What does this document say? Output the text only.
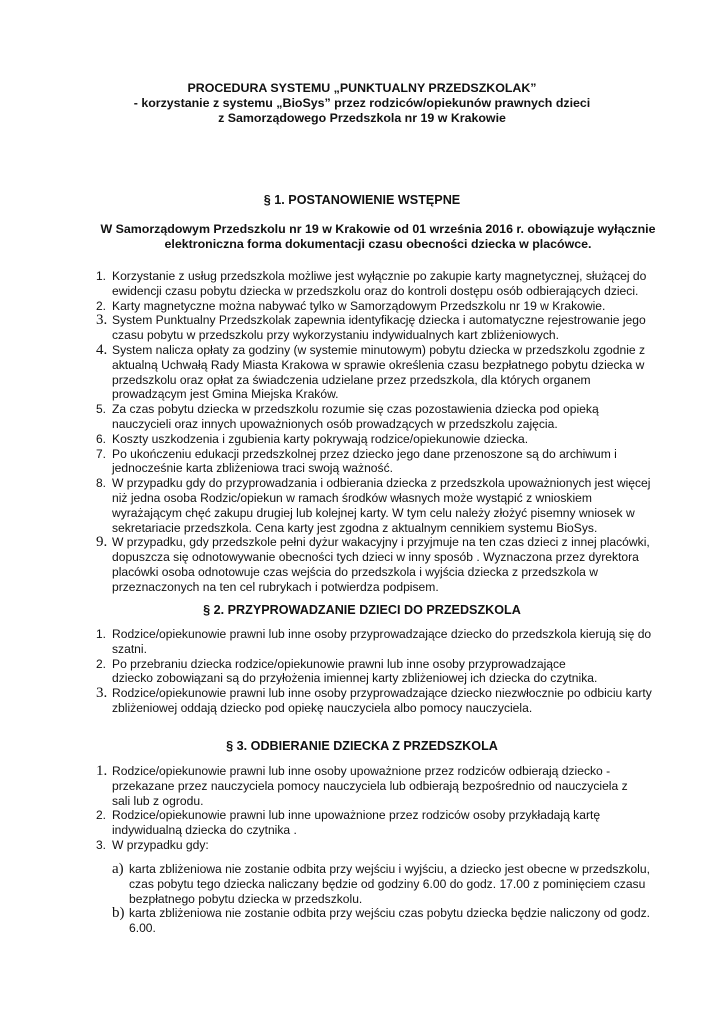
PROCEDURA SYSTEMU „PUNKTUALNY PRZEDSZKOLAK”
- korzystanie z systemu „BioSys” przez rodziców/opiekunów prawnych dzieci
z Samorządowego Przedszkola nr 19 w Krakowie
§ 1. POSTANOWIENIE WSTĘPNE
W Samorządowym Przedszkolu nr 19 w Krakowie od 01 września 2016 r. obowiązuje wyłącznie
elektroniczna forma dokumentacji czasu obecności dziecka w placówce.
1. Korzystanie z usług przedszkola możliwe jest wyłącznie po zakupie karty magnetycznej, służącej do
ewidencji czasu pobytu dziecka w przedszkolu oraz do kontroli dostępu osób odbierających dzieci.
2. Karty magnetyczne można nabywać tylko w Samorządowym Przedszkolu nr 19 w Krakowie.
3. System Punktualny Przedszkolak zapewnia identyfikację dziecka i automatyczne rejestrowanie jego
czasu pobytu w przedszkolu przy wykorzystaniu indywidualnych kart zbliżeniowych.
4. System nalicza opłaty za godziny (w systemie minutowym) pobytu dziecka w przedszkolu zgodnie z
aktualną Uchwałą Rady Miasta Krakowa w sprawie określenia czasu bezpłatnego pobytu dziecka w
przedszkolu oraz opłat za świadczenia udzielane przez przedszkola, dla których organem
prowadzącym jest Gmina Miejska Kraków.
5. Za czas pobytu dziecka w przedszkolu rozumie się czas pozostawienia dziecka pod opieką
nauczycieli oraz innych upoważnionych osób prowadzących w przedszkolu zajęcia.
6. Koszty uszkodzenia i zgubienia karty pokrywają rodzice/opiekunowie dziecka.
7. Po ukończeniu edukacji przedszkolnej przez dziecko jego dane przenoszone są do archiwum i
jednocześnie karta zbliżeniowa traci swoją ważność.
8. W przypadku gdy do przyprowadzania i odbierania dziecka z przedszkola upoważnionych jest więcej
niż jedna osoba Rodzic/opiekun w ramach środków własnych może wystąpić z wnioskiem
wyrażającym chęć zakupu drugiej lub kolejnej karty. W tym celu należy złożyć pisemny wniosek w
sekretariacie przedszkola. Cena karty jest zgodna z aktualnym cennikiem systemu BioSys.
9. W przypadku, gdy przedszkole pełni dyżur wakacyjny i przyjmuje na ten czas dzieci z innej placówki,
dopuszcza się odnotowywanie obecności tych dzieci w inny sposób . Wyznaczona przez dyrektora
placówki osoba odnotowuje czas wejścia do przedszkola i wyjścia dziecka z przedszkola w
przeznaczonych na ten cel rubrykach i potwierdza podpisem.
§ 2. PRZYPROWADZANIE DZIECI DO PRZEDSZKOLA
1. Rodzice/opiekunowie prawni lub inne osoby przyprowadzające dziecko do przedszkola kierują się do
szatni.
2. Po przebraniu dziecka rodzice/opiekunowie prawni lub inne osoby przyprowadzające
dziecko zobowiązani są do przyłożenia imiennej karty zbliżeniowej ich dziecka do czytnika.
3. Rodzice/opiekunowie prawni lub inne osoby przyprowadzające dziecko niezwłocznie po odbiciu karty
zbliżeniowej oddają dziecko pod opiekę nauczyciela albo pomocy nauczyciela.
§ 3. ODBIERANIE DZIECKA Z PRZEDSZKOLA
1. Rodzice/opiekunowie prawni lub inne osoby upoważnione przez rodziców odbierają dziecko -
przekazane przez nauczyciela pomocy nauczyciela lub odbierają bezpośrednio od nauczyciela z
sali lub z ogrodu.
2. Rodzice/opiekunowie prawni lub inne upoważnione przez rodziców osoby przykładają kartę
indywidualną dziecka do czytnika .
3. W przypadku gdy:
a) karta zbliżeniowa nie zostanie odbita przy wejściu i wyjściu, a dziecko jest obecne w przedszkolu,
czas pobytu tego dziecka naliczany będzie od godziny 6.00 do godz. 17.00 z pominięciem czasu
bezpłatnego pobytu dziecka w przedszkolu.
b) karta zbliżeniowa nie zostanie odbita przy wejściu czas pobytu dziecka będzie naliczony od godz.
6.00.
